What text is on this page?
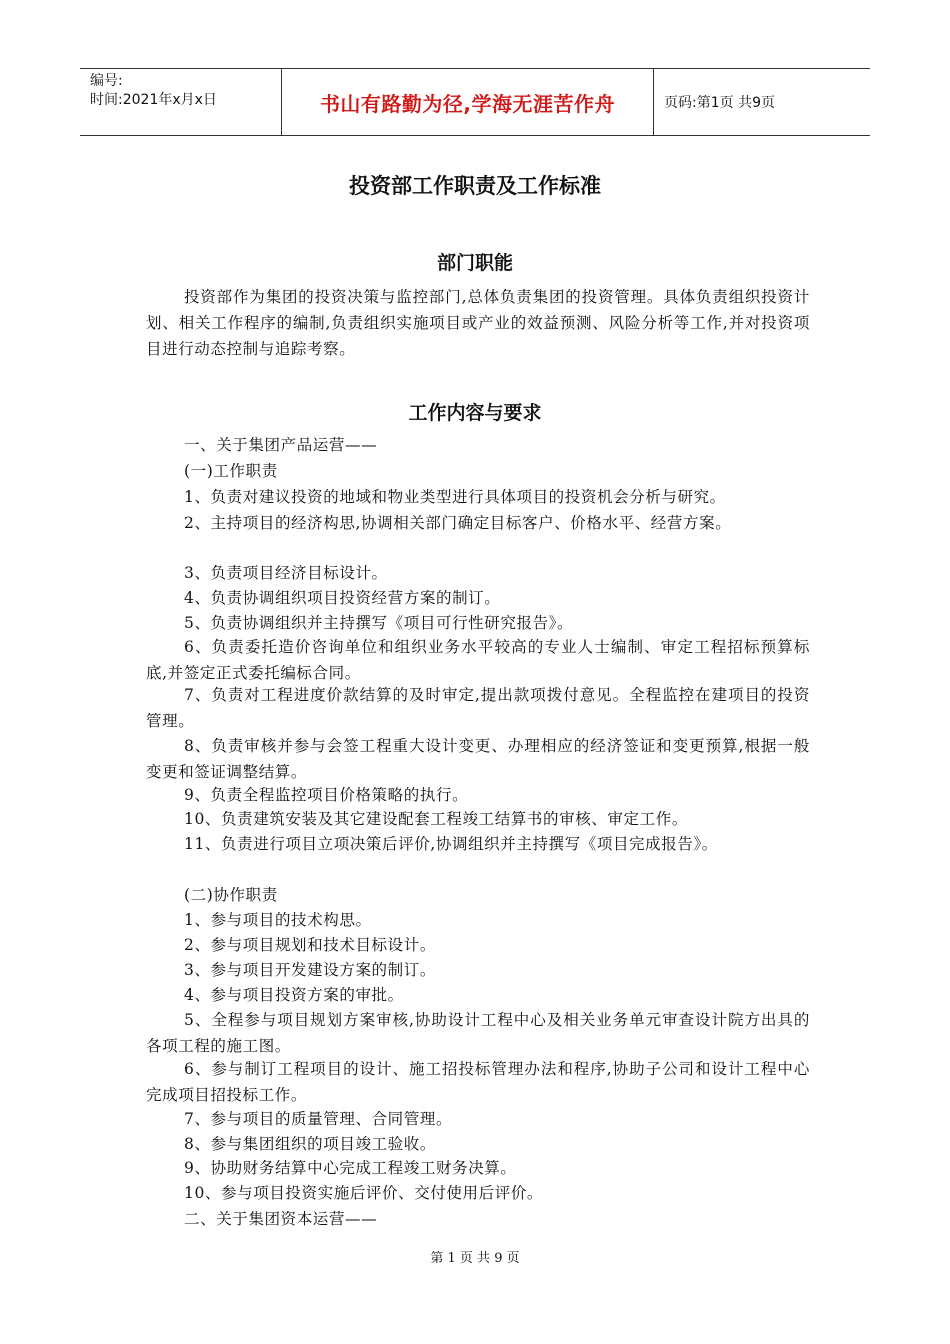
编号:
时间:2021年x月x日	书山有路勤为径,学海无涯苦作舟	页码:第1页 共9页
投资部工作职责及工作标准
部门职能
投资部作为集团的投资决策与监控部门,总体负责集团的投资管理。具体负责组织投资计划、相关工作程序的编制,负责组织实施项目或产业的效益预测、风险分析等工作,并对投资项目进行动态控制与追踪考察。
工作内容与要求
一、关于集团产品运营——
(一)工作职责
1、负责对建议投资的地域和物业类型进行具体项目的投资机会分析与研究。
2、主持项目的经济构思,协调相关部门确定目标客户、价格水平、经营方案。
3、负责项目经济目标设计。
4、负责协调组织项目投资经营方案的制订。
5、负责协调组织并主持撰写《项目可行性研究报告》。
6、负责委托造价咨询单位和组织业务水平较高的专业人士编制、审定工程招标预算标底,并签定正式委托编标合同。
7、负责对工程进度价款结算的及时审定,提出款项拨付意见。全程监控在建项目的投资管理。
8、负责审核并参与会签工程重大设计变更、办理相应的经济签证和变更预算,根据一般变更和签证调整结算。
9、负责全程监控项目价格策略的执行。
10、负责建筑安装及其它建设配套工程竣工结算书的审核、审定工作。
11、负责进行项目立项决策后评价,协调组织并主持撰写《项目完成报告》。
(二)协作职责
1、参与项目的技术构思。
2、参与项目规划和技术目标设计。
3、参与项目开发建设方案的制订。
4、参与项目投资方案的审批。
5、全程参与项目规划方案审核,协助设计工程中心及相关业务单元审查设计院方出具的各项工程的施工图。
6、参与制订工程项目的设计、施工招投标管理办法和程序,协助子公司和设计工程中心完成项目招投标工作。
7、参与项目的质量管理、合同管理。
8、参与集团组织的项目竣工验收。
9、协助财务结算中心完成工程竣工财务决算。
10、参与项目投资实施后评价、交付使用后评价。
二、关于集团资本运营——
第 1 页 共 9 页
